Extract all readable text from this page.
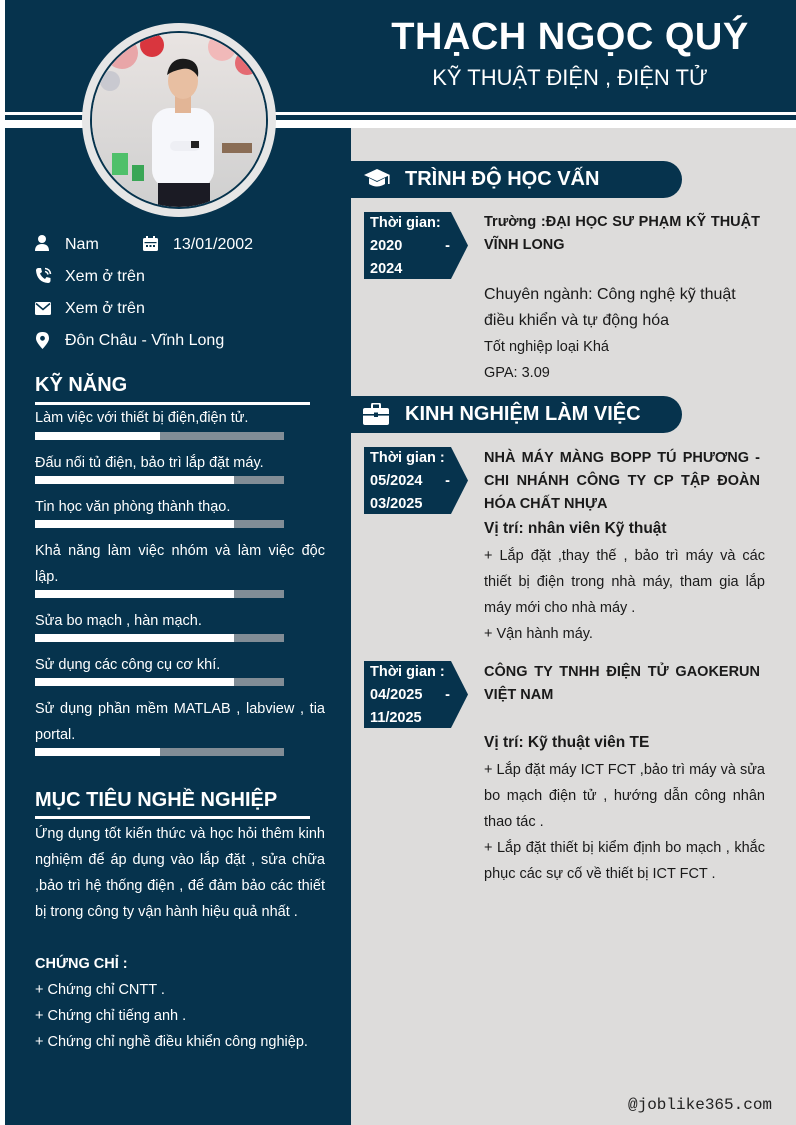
THẠCH NGỌC QUÝ
KỸ THUẬT ĐIỆN , ĐIỆN TỬ
Nam	13/01/2002
Xem ở trên
Xem ở trên
Đôn Châu - Vĩnh Long
KỸ NĂNG
Làm việc với thiết bị điện,điện tử.
Đấu nối tủ điện, bảo trì lắp đặt máy.
Tin học văn phòng thành thạo.
Khả năng làm việc nhóm và làm việc độc lập.
Sửa bo mạch , hàn mạch.
Sử dụng các công cụ cơ khí.
Sử dụng phần mềm MATLAB , labview , tia portal.
MỤC TIÊU NGHỀ NGHIỆP
Ứng dụng tốt kiến thức và học hỏi thêm kinh nghiệm để áp dụng vào lắp đặt , sửa chữa ,bảo trì hệ thống điện , để đảm bảo các thiết bị trong công ty vận hành hiệu quả nhất .
CHỨNG CHỈ :
+ Chứng chỉ CNTT .
+ Chứng chỉ tiếng anh .
+ Chứng chỉ nghề điều khiển công nghiệp.
TRÌNH ĐỘ HỌC VẤN
Thời gian:
2020	-
2024
Trường :ĐẠI HỌC SƯ PHẠM KỸ THUẬT VĨNH LONG
Chuyên ngành: Công nghệ kỹ thuật điều khiển và tự động hóa
Tốt nghiệp loại Khá
GPA: 3.09
KINH NGHIỆM LÀM VIỆC
Thời gian :
05/2024	-
03/2025
NHÀ MÁY MÀNG BOPP TÚ PHƯƠNG - CHI NHÁNH CÔNG TY CP TẬP ĐOÀN HÓA CHẤT NHỰA
Vị trí: nhân viên Kỹ thuật
+ Lắp đặt ,thay thế , bảo trì máy và các thiết bị điện trong nhà máy, tham gia lắp máy mới cho nhà máy .
+ Vận hành máy.
Thời gian :
04/2025	-
11/2025
CÔNG TY TNHH ĐIỆN TỬ GAOKERUN VIỆT NAM
Vị trí: Kỹ thuật viên TE
+ Lắp đặt máy ICT FCT ,bảo trì máy và sửa bo mạch điện tử , hướng dẫn công nhân thao tác .
+ Lắp đặt thiết bị kiểm định bo mạch , khắc phục các sự cố về thiết bị ICT FCT .
@joblike365.com
